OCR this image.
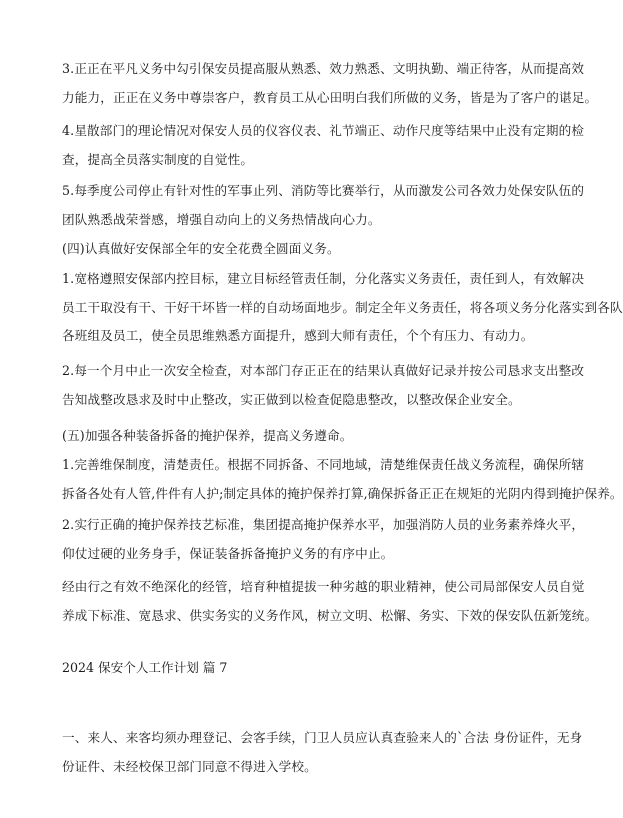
3.正正在平凡义务中勾引保安员提高服从熟悉、效力熟悉、文明执勤、端正待客，从而提高效
力能力，正正在义务中尊崇客户，教育员工从心田明白我们所做的义务，皆是为了客户的谌足。
4.星散部门的理论情况对保安人员的仪容仪表、礼节端正、动作尺度等结果中止没有定期的检
查，提高全员落实制度的自觉性。
5.每季度公司停止有针对性的军事止列、消防等比赛举行，从而激发公司各效力处保安队伍的
团队熟悉战荣誉感，增强自动向上的义务热情战向心力。
(四)认真做好安保部全年的安全花费全圆面义务。
1.宽格遵照安保部内控目标，建立目标经管责任制，分化落实义务责任，责任到人，有效解决
员工干取没有干、干好干坏皆一样的自动场面地步。制定全年义务责任，将各项义务分化落实到各队
各班组及员工，使全员思维熟悉方面提升，感到大师有责任，个个有压力、有动力。
2.每一个月中止一次安全检查，对本部门存正正在的结果认真做好记录并按公司恳求支出整改
告知战整改恳求及时中止整改，实正做到以检查促隐患整改，以整改保企业安全。
(五)加强各种装备拆备的掩护保养，提高义务遵命。
1.完善维保制度，清楚责任。根据不同拆备、不同地域，清楚维保责任战义务流程，确保所辖
拆备各处有人管,件件有人护;制定具体的掩护保养打算,确保拆备正正在规矩的光阴内得到掩护保养。
2.实行正确的掩护保养技艺标准，集团提高掩护保养水平，加强消防人员的业务素养烽火平，
仰仗过硬的业务身手，保证装备拆备掩护义务的有序中止。
经由行之有效不绝深化的经管，培育种植提拔一种劣越的职业精神，使公司局部保安人员自觉
养成下标准、宽恳求、供实务实的义务作风，树立文明、松懈、务实、下效的保安队伍新笼统。
2024 保安个人工作计划 篇 7
一、来人、来客均须办理登记、会客手续，门卫人员应认真查验来人的`合法 身份证件，无身
份证件、未经校保卫部门同意不得进入学校。
